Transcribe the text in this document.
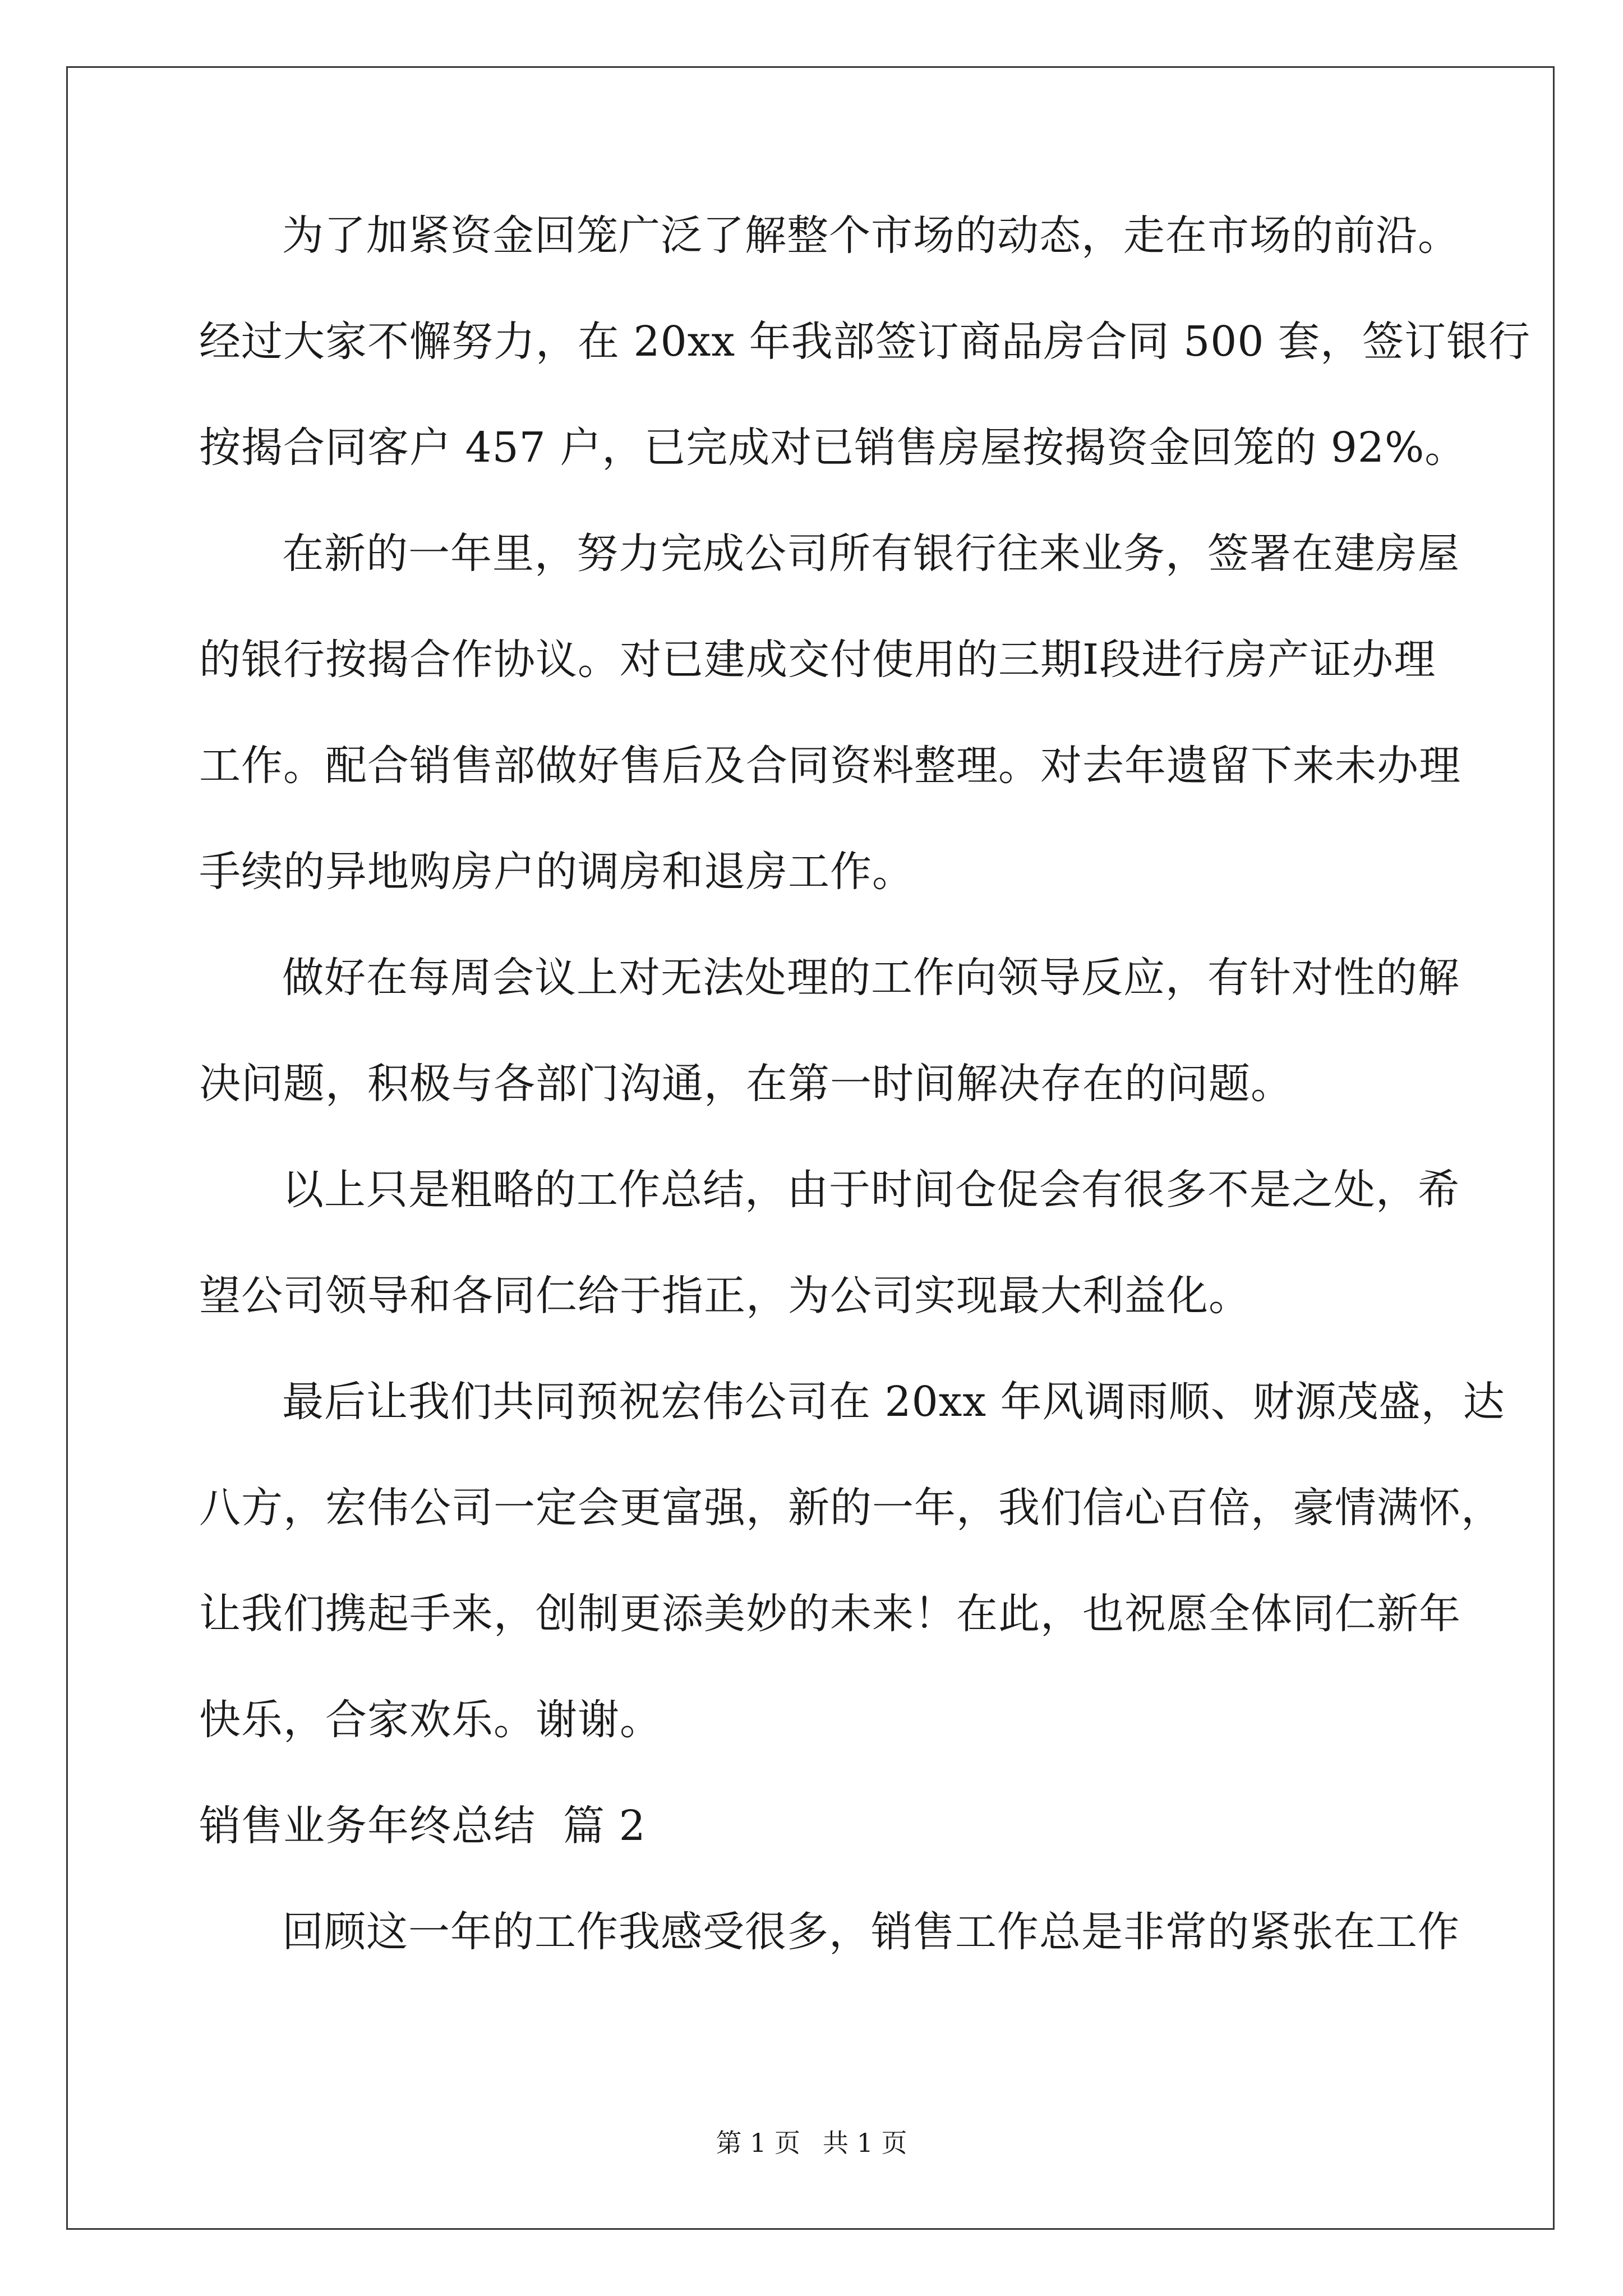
为了加紧资金回笼广泛了解整个市场的动态，走在市场的前沿。
经过大家不懈努力，在 20xx 年我部签订商品房合同 500 套，签订银行
按揭合同客户 457 户，已完成对已销售房屋按揭资金回笼的 92%。
在新的一年里，努力完成公司所有银行往来业务，签署在建房屋
的银行按揭合作协议。对已建成交付使用的三期Ⅰ段进行房产证办理
工作。配合销售部做好售后及合同资料整理。对去年遗留下来未办理
手续的异地购房户的调房和退房工作。
做好在每周会议上对无法处理的工作向领导反应，有针对性的解
决问题，积极与各部门沟通，在第一时间解决存在的问题。
以上只是粗略的工作总结，由于时间仓促会有很多不是之处，希
望公司领导和各同仁给于指正，为公司实现最大利益化。
最后让我们共同预祝宏伟公司在 20xx 年风调雨顺、财源茂盛，达
八方，宏伟公司一定会更富强，新的一年，我们信心百倍，豪情满怀，
让我们携起手来，创制更添美妙的未来！在此，也祝愿全体同仁新年
快乐，合家欢乐。谢谢。
销售业务年终总结  篇 2
回顾这一年的工作我感受很多，销售工作总是非常的紧张在工作
第 1 页 共 1 页
